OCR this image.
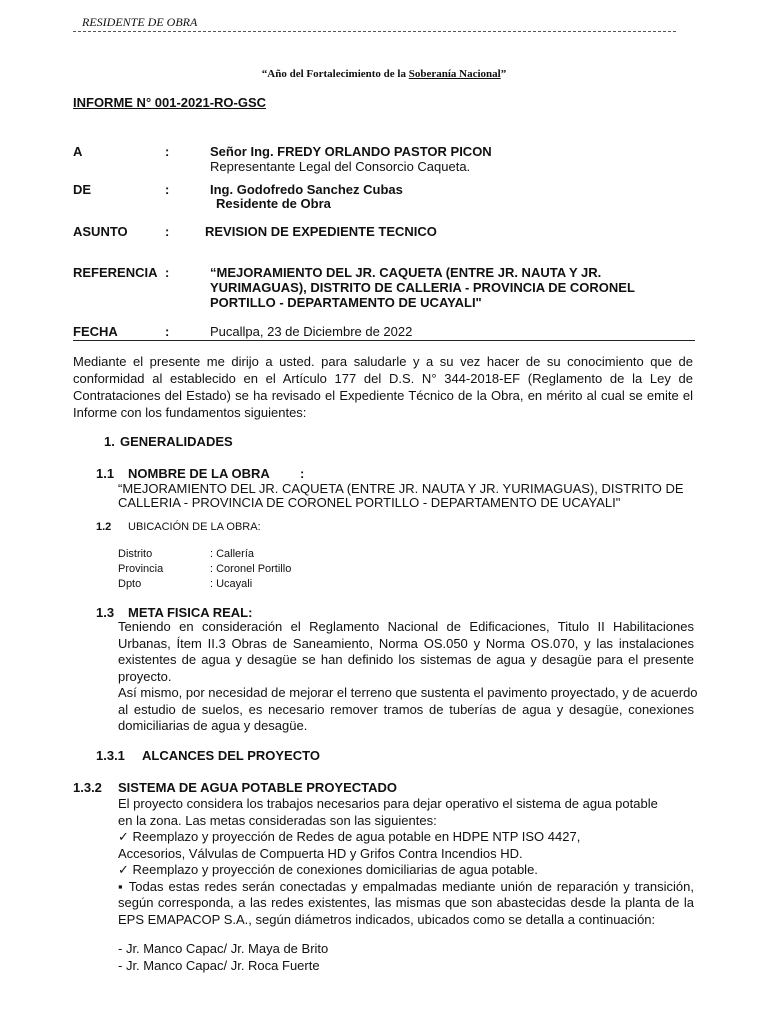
RESIDENTE DE OBRA
“Año del Fortalecimiento de la Soberanía Nacional”
INFORME N° 001-2021-RO-GSC
A	:	Señor Ing. FREDY ORLANDO PASTOR PICON
Representante Legal del Consorcio Caqueta.
DE	:	Ing. Godofredo Sanchez Cubas
Residente de Obra
ASUNTO	:	REVISION DE EXPEDIENTE TECNICO
REFERENCIA :	“MEJORAMIENTO DEL JR. CAQUETA (ENTRE JR. NAUTA Y JR.
YURIMAGUAS), DISTRITO DE CALLERIA - PROVINCIA DE CORONEL
PORTILLO - DEPARTAMENTO DE UCAYALI"
FECHA	:	Pucallpa, 23 de Diciembre de 2022
Mediante el presente me dirijo a usted. para saludarle y a su vez hacer de su conocimiento que de
conformidad al establecido en el Artículo 177 del D.S. N° 344-2018-EF (Reglamento de la Ley de
Contrataciones del Estado) se ha revisado el Expediente Técnico de la Obra, en mérito al cual se emite el
Informe con los fundamentos siguientes:
1. GENERALIDADES
1.1 NOMBRE DE LA OBRA :
“MEJORAMIENTO DEL JR. CAQUETA (ENTRE JR. NAUTA Y JR. YURIMAGUAS), DISTRITO DE
CALLERIA - PROVINCIA DE CORONEL PORTILLO - DEPARTAMENTO DE UCAYALI"
1.2 UBICACIÓN DE LA OBRA:
Distrito	: Callería
Provincia	: Coronel Portillo
Dpto	: Ucayali
1.3 META FISICA REAL:
Teniendo en consideración el Reglamento Nacional de Edificaciones, Titulo II Habilitaciones
Urbanas, Ítem II.3 Obras de Saneamiento, Norma OS.050 y Norma OS.070, y las instalaciones
existentes de agua y desagüe se han definido los sistemas de agua y desagüe para el presente
proyecto.
Así mismo, por necesidad de mejorar el terreno que sustenta el pavimento proyectado, y de acuerdo
al estudio de suelos, es necesario remover tramos de tuberías de agua y desagüe, conexiones
domiciliarias de agua y desagüe.
1.3.1 ALCANCES DEL PROYECTO
1.3.2 SISTEMA DE AGUA POTABLE PROYECTADO
El proyecto considera los trabajos necesarios para dejar operativo el sistema de agua potable
en la zona. Las metas consideradas son las siguientes:
✓ Reemplazo y proyección de Redes de agua potable en HDPE NTP ISO 4427,
Accesorios, Válvulas de Compuerta HD y Grifos Contra Incendios HD.
✓ Reemplazo y proyección de conexiones domiciliarias de agua potable.
▪ Todas estas redes serán conectadas y empalmadas mediante unión de reparación y transición,
según corresponda, a las redes existentes, las mismas que son abastecidas desde la planta de la
EPS EMAPACOP S.A., según diámetros indicados, ubicados como se detalla a continuación:
- Jr. Manco Capac/ Jr. Maya de Brito
- Jr. Manco Capac/ Jr. Roca Fuerte
